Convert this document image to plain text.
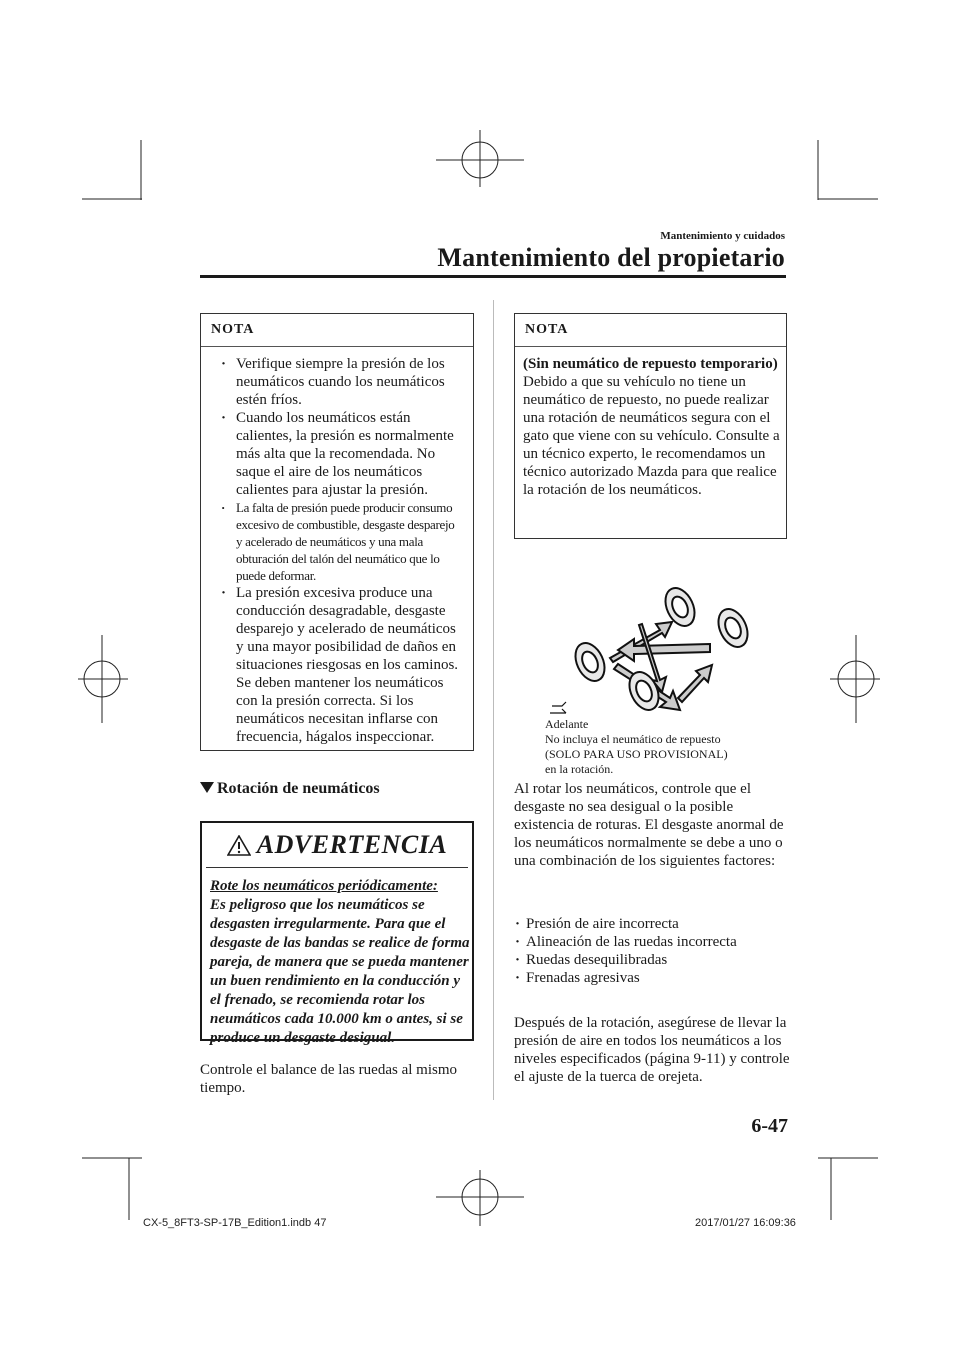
Mantenimiento y cuidados
Mantenimiento del propietario
NOTA
· Verifique siempre la presión de los neumáticos cuando los neumáticos estén fríos.
· Cuando los neumáticos están calientes, la presión es normalmente más alta que la recomendada. No saque el aire de los neumáticos calientes para ajustar la presión.
· La falta de presión puede producir consumo excesivo de combustible, desgaste desparejo y acelerado de neumáticos y una mala obturación del talón del neumático que lo puede deformar.
· La presión excesiva produce una conducción desagradable, desgaste desparejo y acelerado de neumáticos y una mayor posibilidad de daños en situaciones riesgosas en los caminos. Se deben mantener los neumáticos con la presión correcta. Si los neumáticos necesitan inflarse con frecuencia, hágalos inspeccionar.
Rotación de neumáticos
ADVERTENCIA
Rote los neumáticos periódicamente:
Es peligroso que los neumáticos se desgasten irregularmente. Para que el desgaste de las bandas se realice de forma pareja, de manera que se pueda mantener un buen rendimiento en la conducción y el frenado, se recomienda rotar los neumáticos cada 10.000 km o antes, si se produce un desgaste desigual.
Controle el balance de las ruedas al mismo tiempo.
NOTA
(Sin neumático de repuesto temporario)
Debido a que su vehículo no tiene un neumático de repuesto, no puede realizar una rotación de neumáticos segura con el gato que viene con su vehículo. Consulte a un técnico experto, le recomendamos un técnico autorizado Mazda para que realice la rotación de los neumáticos.
Adelante
No incluya el neumático de repuesto
(SOLO PARA USO PROVISIONAL)
en la rotación.
Al rotar los neumáticos, controle que el desgaste no sea desigual o la posible existencia de roturas. El desgaste anormal de los neumáticos normalmente se debe a uno o una combinación de los siguientes factores:
· Presión de aire incorrecta
· Alineación de las ruedas incorrecta
· Ruedas desequilibradas
· Frenadas agresivas
Después de la rotación, asegúrese de llevar la presión de aire en todos los neumáticos a los niveles especificados (página 9-11) y controle el ajuste de la tuerca de orejeta.
6-47
CX-5_8FT3-SP-17B_Edition1.indb 47	2017/01/27 16:09:36
